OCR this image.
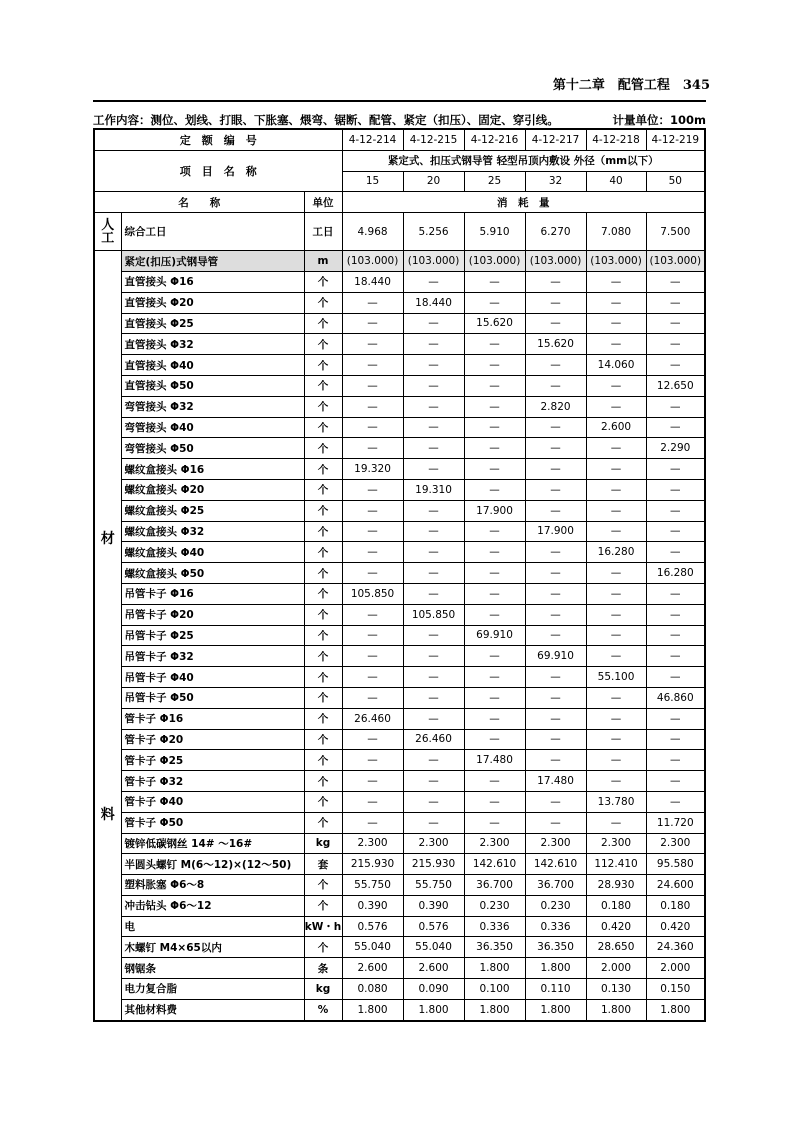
第十二章　配管工程　345
工作内容：测位、划线、打眼、下胀塞、煨弯、锯断、配管、紧定（扣压）、固定、穿引线。	计量单位：100m
定　额　编　号			4-12-214	4-12-215	4-12-216	4-12-217	4-12-218	4-12-219
项　目　名　称			紧定式、扣压式钢导管 轻型吊顶内敷设 外径（mm以下）					
			15	20	25	32	40	50
名　　称		单位	消　耗　量					
人工	综合工日	工日	4.968	5.256	5.910	6.270	7.080	7.500

材
料	紧定(扣压)式钢导管	m	(103.000)	(103.000)	(103.000)	(103.000)	(103.000)	(103.000)
	直管接头 Φ16	个	18.440	—	—	—	—	—
	直管接头 Φ20	个	—	18.440	—	—	—	—
	直管接头 Φ25	个	—	—	15.620	—	—	—
	直管接头 Φ32	个	—	—	—	15.620	—	—
	直管接头 Φ40	个	—	—	—	—	14.060	—
	直管接头 Φ50	个	—	—	—	—	—	12.650
	弯管接头 Φ32	个	—	—	—	2.820	—	—
	弯管接头 Φ40	个	—	—	—	—	2.600	—
	弯管接头 Φ50	个	—	—	—	—	—	2.290
	螺纹盒接头 Φ16	个	19.320	—	—	—	—	—
	螺纹盒接头 Φ20	个	—	19.310	—	—	—	—
	螺纹盒接头 Φ25	个	—	—	17.900	—	—	—
	螺纹盒接头 Φ32	个	—	—	—	17.900	—	—
	螺纹盒接头 Φ40	个	—	—	—	—	16.280	—
	螺纹盒接头 Φ50	个	—	—	—	—	—	16.280
	吊管卡子 Φ16	个	105.850	—	—	—	—	—
	吊管卡子 Φ20	个	—	105.850	—	—	—	—
	吊管卡子 Φ25	个	—	—	69.910	—	—	—
	吊管卡子 Φ32	个	—	—	—	69.910	—	—
	吊管卡子 Φ40	个	—	—	—	—	55.100	—
	吊管卡子 Φ50	个	—	—	—	—	—	46.860
	管卡子 Φ16	个	26.460	—	—	—	—	—
	管卡子 Φ20	个	—	26.460	—	—	—	—
	管卡子 Φ25	个	—	—	17.480	—	—	—
	管卡子 Φ32	个	—	—	—	17.480	—	—
	管卡子 Φ40	个	—	—	—	—	13.780	—
	管卡子 Φ50	个	—	—	—	—	—	11.720
	镀锌低碳钢丝 14# ～16#	kg	2.300	2.300	2.300	2.300	2.300	2.300
	半圆头螺钉 M(6～12)×(12～50)	套	215.930	215.930	142.610	142.610	112.410	95.580
	塑料胀塞 Φ6～8	个	55.750	55.750	36.700	36.700	28.930	24.600
	冲击钻头 Φ6～12	个	0.390	0.390	0.230	0.230	0.180	0.180
	电	kW・h	0.576	0.576	0.336	0.336	0.420	0.420
	木螺钉 M4×65以内	个	55.040	55.040	36.350	36.350	28.650	24.360
	钢锯条	条	2.600	2.600	1.800	1.800	2.000	2.000
	电力复合脂	kg	0.080	0.090	0.100	0.110	0.130	0.150
	其他材料费	%	1.800	1.800	1.800	1.800	1.800	1.800
